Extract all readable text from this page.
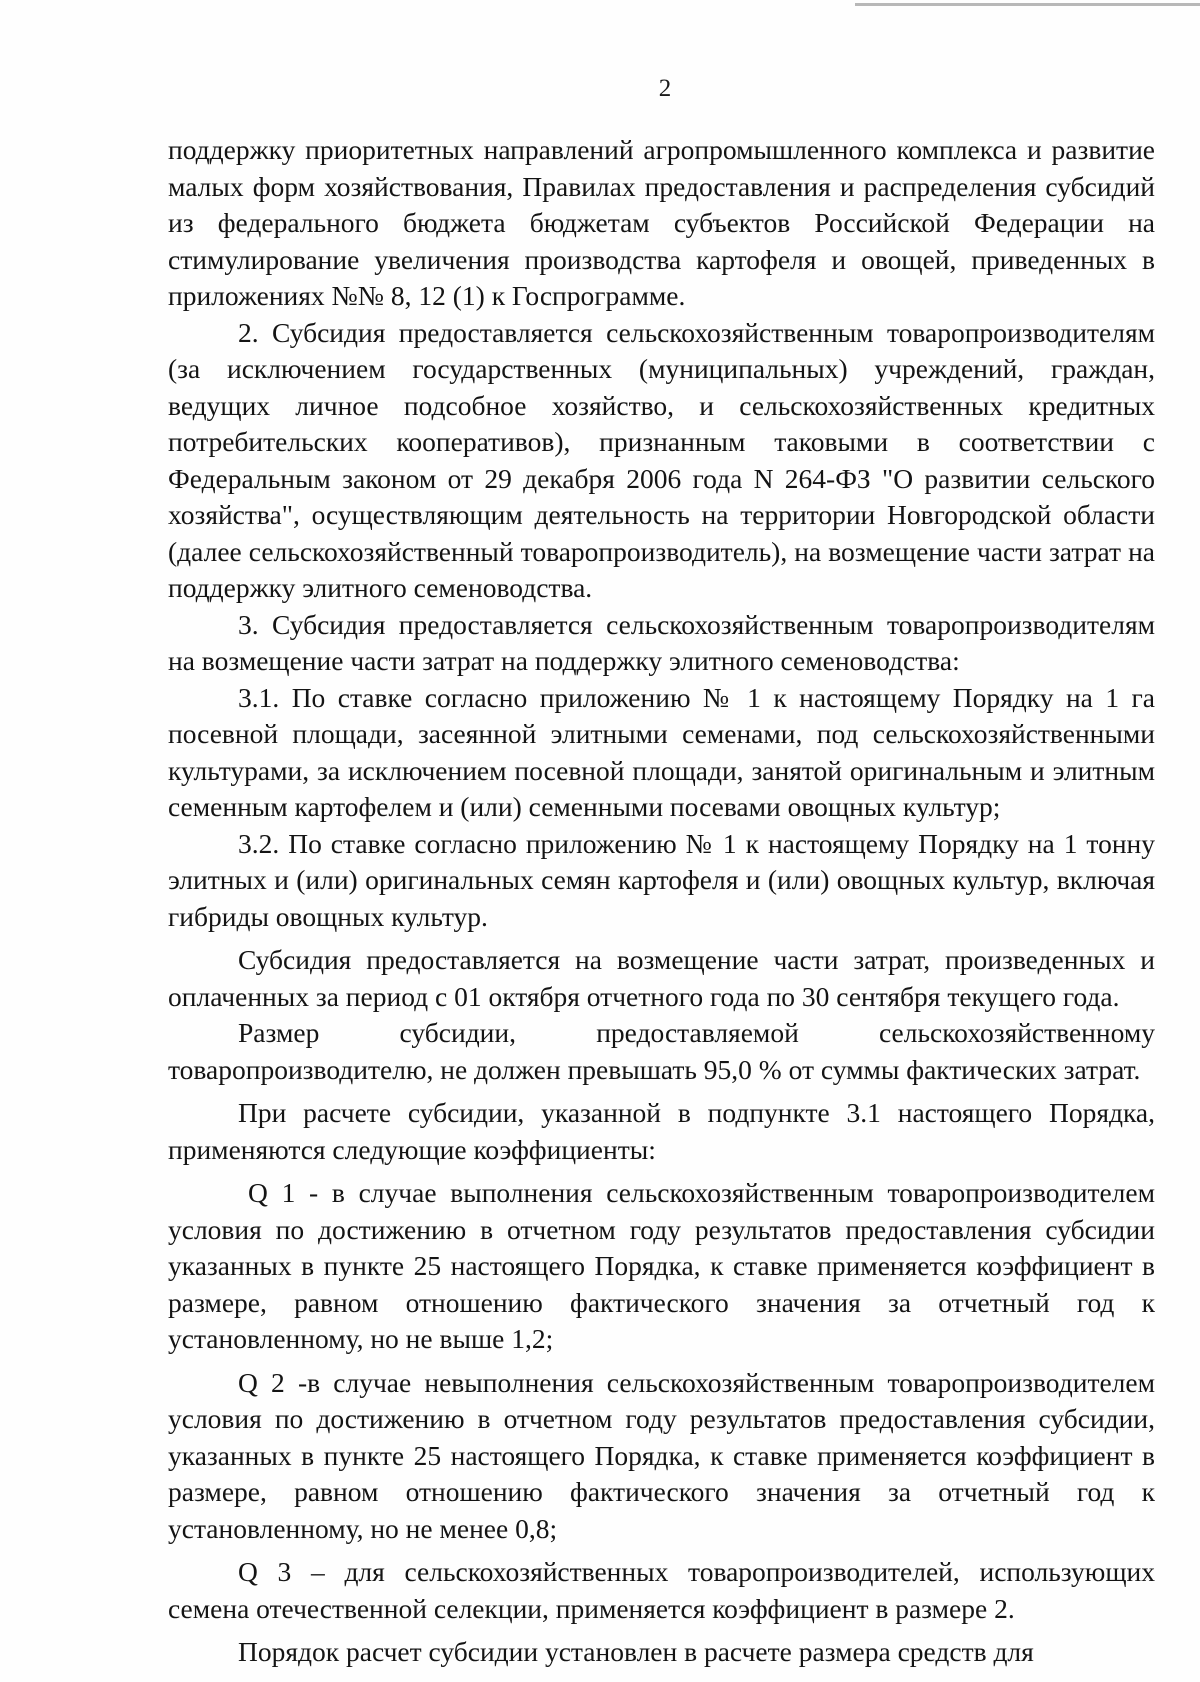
2

поддержку приоритетных направлений агропромышленного комплекса и развитие малых форм хозяйствования, Правилах предоставления и распределения субсидий из федерального бюджета бюджетам субъектов Российской Федерации на стимулирование увеличения производства картофеля и овощей, приведенных в приложениях №№ 8, 12 (1) к Госпрограмме.

2. Субсидия предоставляется сельскохозяйственным товаропроизводителям (за исключением государственных (муниципальных) учреждений, граждан, ведущих личное подсобное хозяйство, и сельскохозяйственных кредитных потребительских кооперативов), признанным таковыми в соответствии с Федеральным законом от 29 декабря 2006 года N 264-ФЗ "О развитии сельского хозяйства", осуществляющим деятельность на территории Новгородской области (далее сельскохозяйственный товаропроизводитель), на возмещение части затрат на поддержку элитного семеноводства.

3. Субсидия предоставляется сельскохозяйственным товаропроизводителям на возмещение части затрат на поддержку элитного семеноводства:

3.1. По ставке согласно приложению № 1 к настоящему Порядку на 1 га посевной площади, засеянной элитными семенами, под сельскохозяйственными культурами, за исключением посевной площади, занятой оригинальным и элитным семенным картофелем и (или) семенными посевами овощных культур;

3.2. По ставке согласно приложению № 1 к настоящему Порядку на 1 тонну элитных и (или) оригинальных семян картофеля и (или) овощных культур, включая гибриды овощных культур.

Субсидия предоставляется на возмещение части затрат, произведенных и оплаченных за период с 01 октября отчетного года по 30 сентября текущего года.

Размер субсидии, предоставляемой сельскохозяйственному товаропроизводителю, не должен превышать 95,0 % от суммы фактических затрат.

При расчете субсидии, указанной в подпункте 3.1 настоящего Порядка, применяются следующие коэффициенты:

Q 1 - в случае выполнения сельскохозяйственным товаропроизводителем условия по достижению в отчетном году результатов предоставления субсидии указанных в пункте 25 настоящего Порядка, к ставке применяется коэффициент в размере, равном отношению фактического значения за отчетный год к установленному, но не выше 1,2;

Q 2 -в случае невыполнения сельскохозяйственным товаропроизводителем условия по достижению в отчетном году результатов предоставления субсидии, указанных в пункте 25 настоящего Порядка, к ставке применяется коэффициент в размере, равном отношению фактического значения за отчетный год к установленному, но не менее 0,8;

Q 3 – для сельскохозяйственных товаропроизводителей, использующих семена отечественной селекции, применяется коэффициент в размере 2.

Порядок расчет субсидии установлен в расчете размера средств для
